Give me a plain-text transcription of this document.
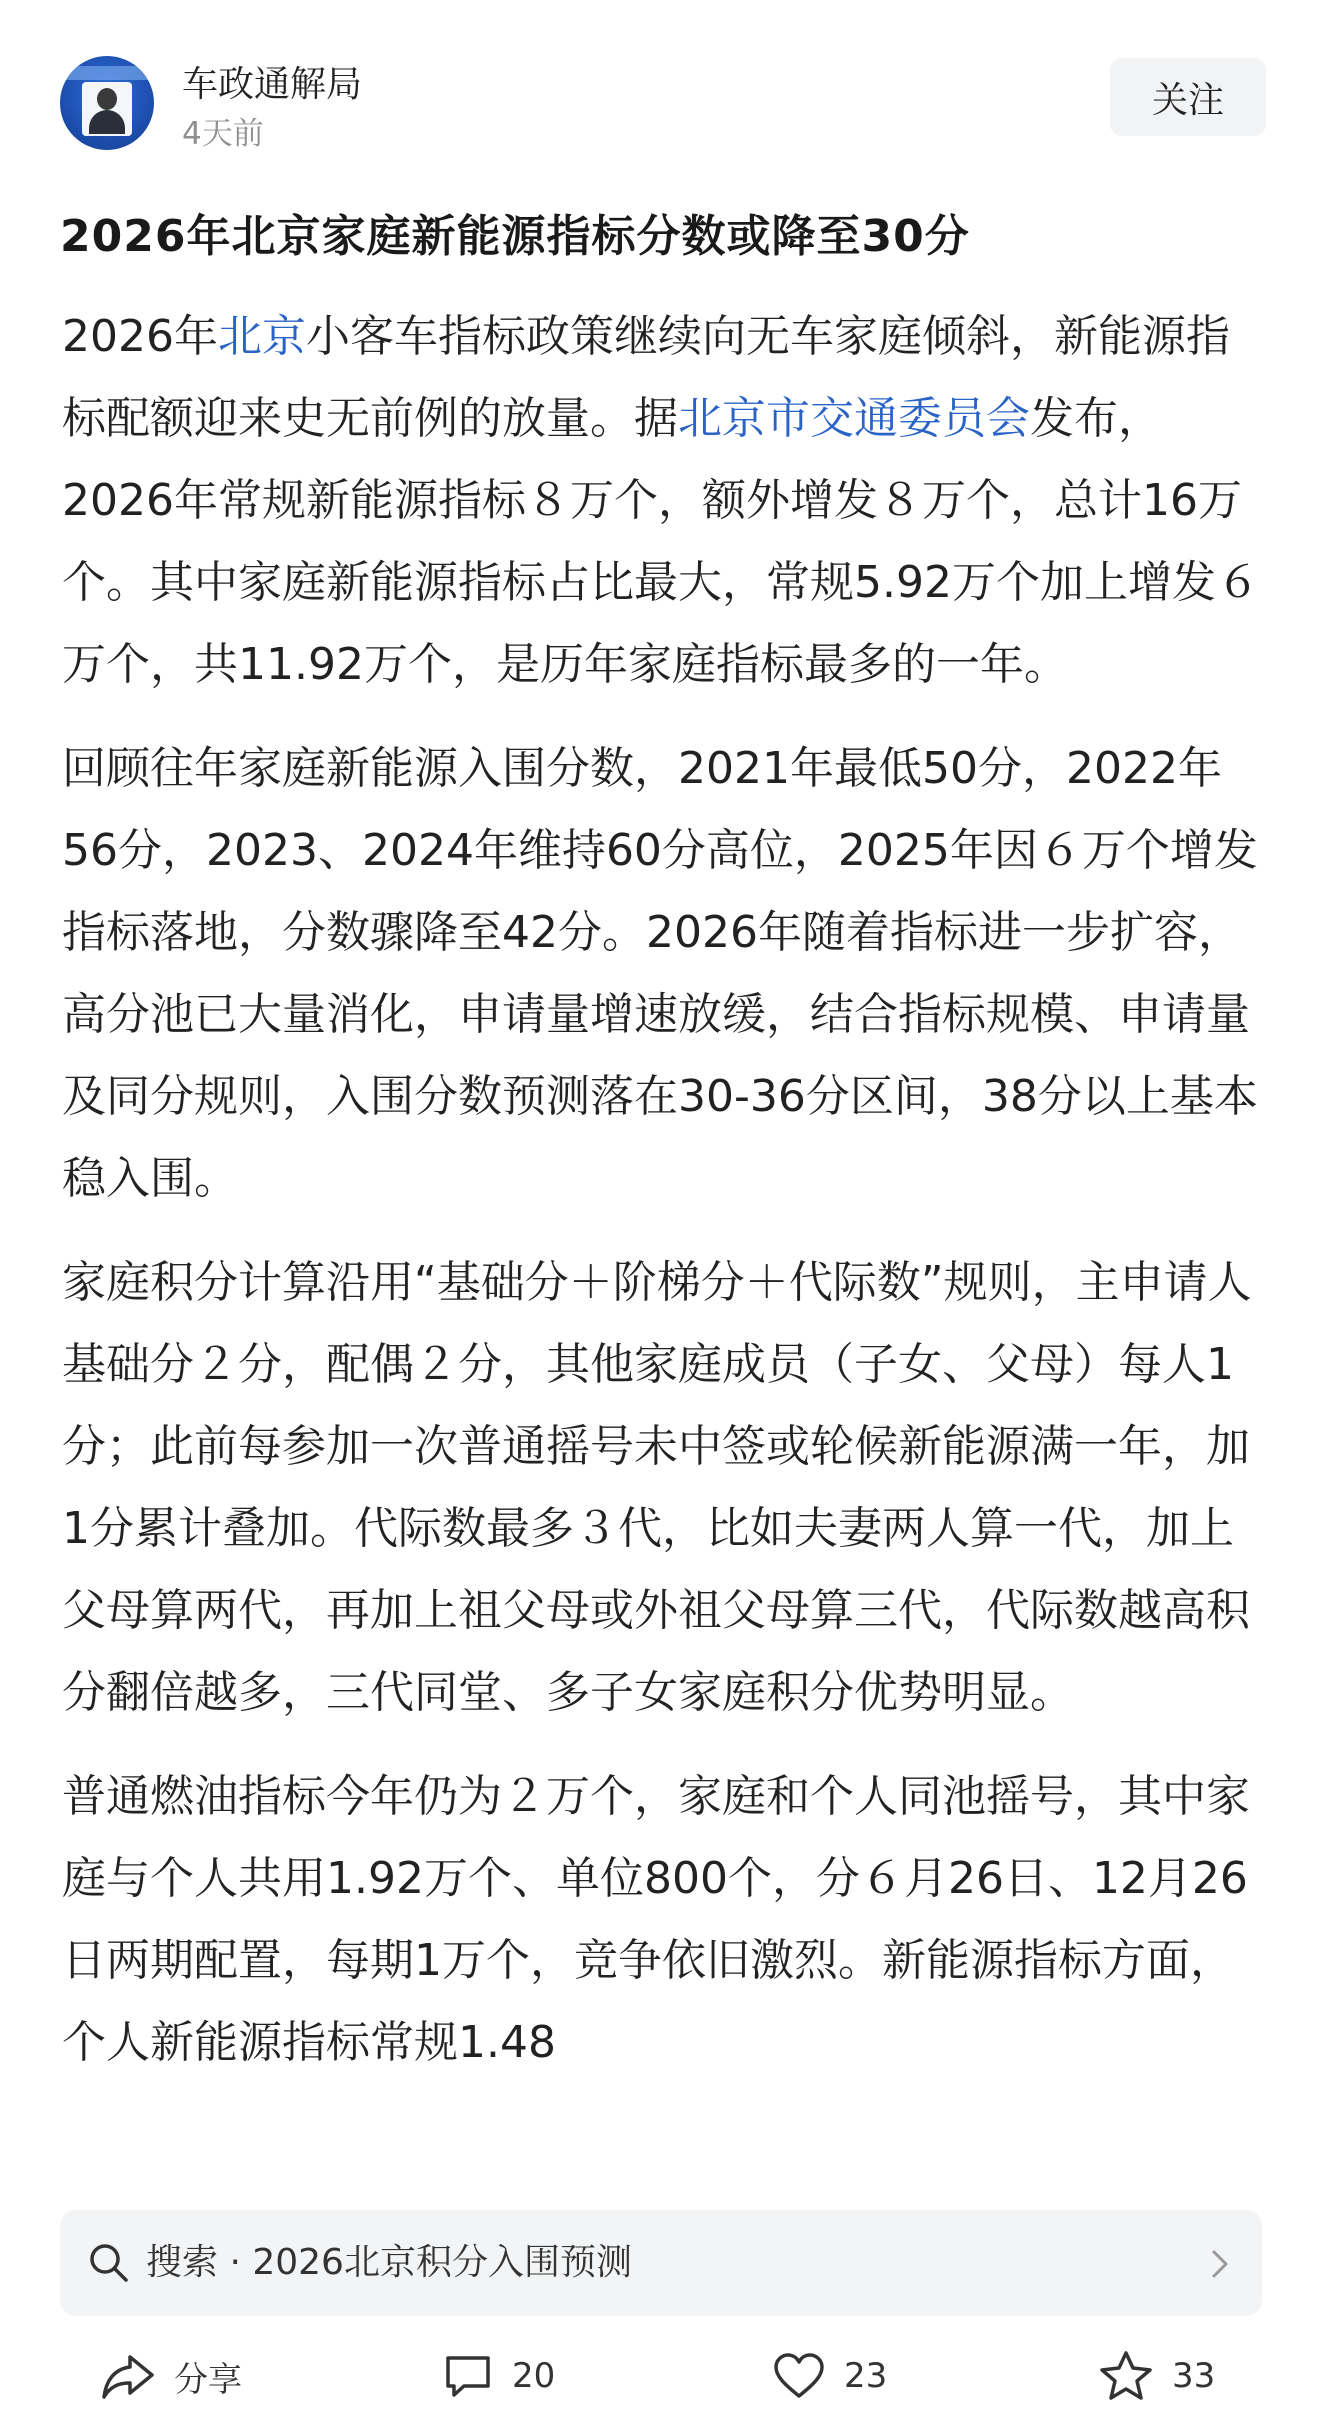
车政通解局
4天前
关注
2026年北京家庭新能源指标分数或降至30分

2026年北京小客车指标政策继续向无车家庭倾斜，新能源指标配额迎来史无前例的放量。据北京市交通委员会发布，2026年常规新能源指标８万个，额外增发８万个，总计16万个。其中家庭新能源指标占比最大，常规5.92万个加上增发６万个，共11.92万个，是历年家庭指标最多的一年。

回顾往年家庭新能源入围分数，2021年最低50分，2022年56分，2023、2024年维持60分高位，2025年因６万个增发指标落地，分数骤降至42分。2026年随着指标进一步扩容，高分池已大量消化，申请量增速放缓，结合指标规模、申请量及同分规则，入围分数预测落在30-36分区间，38分以上基本稳入围。

家庭积分计算沿用“基础分＋阶梯分＋代际数”规则，主申请人基础分２分，配偶２分，其他家庭成员（子女、父母）每人1分；此前每参加一次普通摇号未中签或轮候新能源满一年，加1分累计叠加。代际数最多３代，比如夫妻两人算一代，加上父母算两代，再加上祖父母或外祖父母算三代，代际数越高积分翻倍越多，三代同堂、多子女家庭积分优势明显。

普通燃油指标今年仍为２万个，家庭和个人同池摇号，其中家庭与个人共用1.92万个、单位800个，分６月26日、12月26日两期配置，每期1万个，竞争依旧激烈。新能源指标方面，个人新能源指标常规1.48

搜索 · 2026北京积分入围预测
分享	20	23	33
